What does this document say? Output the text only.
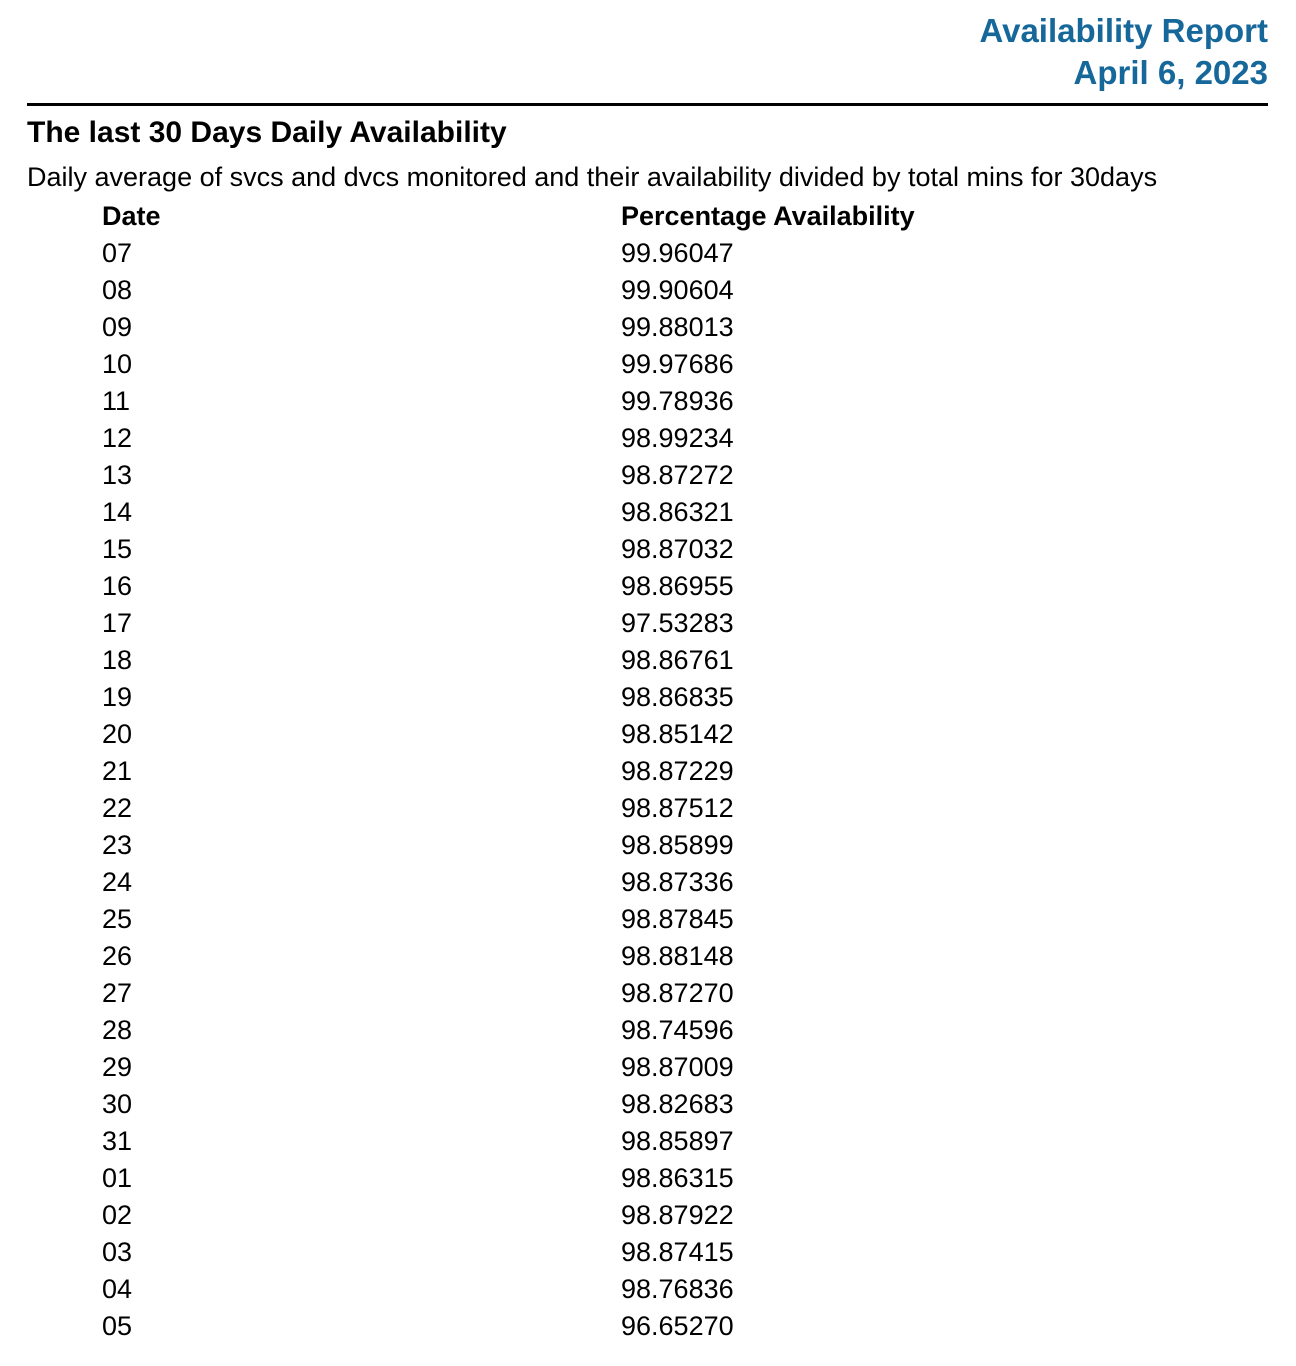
Availability Report
April 6, 2023
The last 30 Days Daily Availability

Daily average of svcs and dvcs monitored and their availability divided by total mins for 30days

Date	Percentage Availability
07	99.96047
08	99.90604
09	99.88013
10	99.97686
11	99.78936
12	98.99234
13	98.87272
14	98.86321
15	98.87032
16	98.86955
17	97.53283
18	98.86761
19	98.86835
20	98.85142
21	98.87229
22	98.87512
23	98.85899
24	98.87336
25	98.87845
26	98.88148
27	98.87270
28	98.74596
29	98.87009
30	98.82683
31	98.85897
01	98.86315
02	98.87922
03	98.87415
04	98.76836
05	96.65270
